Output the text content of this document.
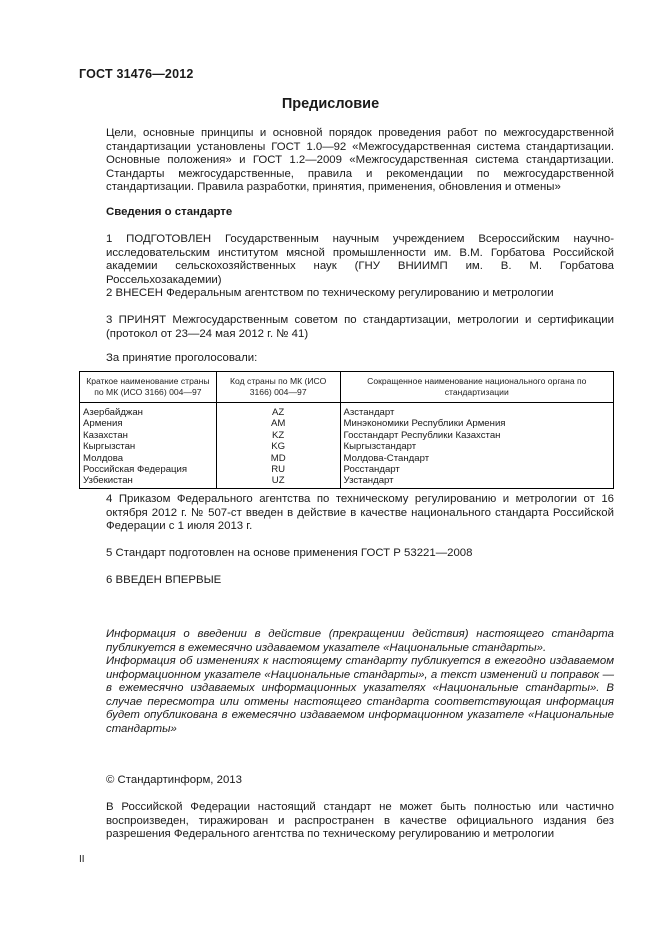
ГОСТ 31476—2012
Предисловие
Цели, основные принципы и основной порядок проведения работ по межгосударственной стандартизации установлены ГОСТ 1.0—92 «Межгосударственная система стандартизации. Основные положения» и ГОСТ 1.2—2009 «Межгосударственная система стандартизации. Стандарты межгосударственные, правила и рекомендации по межгосударственной стандартизации. Правила разработки, принятия, применения, обновления и отмены»
Сведения о стандарте
1 ПОДГОТОВЛЕН Государственным научным учреждением Всероссийским научно-исследовательским институтом мясной промышленности им. В.М. Горбатова Российской академии сельскохозяйственных наук (ГНУ ВНИИМП им. В. М. Горбатова Россельхозакадемии)
2 ВНЕСЕН Федеральным агентством по техническому регулированию и метрологии
3 ПРИНЯТ Межгосударственным советом по стандартизации, метрологии и сертификации (протокол от 23—24 мая 2012 г. № 41)
За принятие проголосовали:
Краткое наименование страны по МК (ИСО 3166) 004—97	Код страны по МК (ИСО 3166) 004—97	Сокращенное наименование национального органа по стандартизации
Азербайджан	AZ	Азстандарт
Армения	AM	Минэкономики Республики Армения
Казахстан	KZ	Госстандарт Республики Казахстан
Кыргызстан	KG	Кыргызстандарт
Молдова	MD	Молдова-Стандарт
Российская Федерация	RU	Росстандарт
Узбекистан	UZ	Узстандарт
4 Приказом Федерального агентства по техническому регулированию и метрологии от 16 октября 2012 г. № 507-ст введен в действие в качестве национального стандарта Российской Федерации с 1 июля 2013 г.
5 Стандарт подготовлен на основе применения ГОСТ Р 53221—2008
6 ВВЕДЕН ВПЕРВЫЕ
Информация о введении в действие (прекращении действия) настоящего стандарта публикуется в ежемесячно издаваемом указателе «Национальные стандарты».
Информация об изменениях к настоящему стандарту публикуется в ежегодно издаваемом информационном указателе «Национальные стандарты», а текст изменений и поправок — в ежемесячно издаваемых информационных указателях «Национальные стандарты». В случае пересмотра или отмены настоящего стандарта соответствующая информация будет опубликована в ежемесячно издаваемом информационном указателе «Национальные стандарты»
© Стандартинформ, 2013
В Российской Федерации настоящий стандарт не может быть полностью или частично воспроизведен, тиражирован и распространен в качестве официального издания без разрешения Федерального агентства по техническому регулированию и метрологии
II
